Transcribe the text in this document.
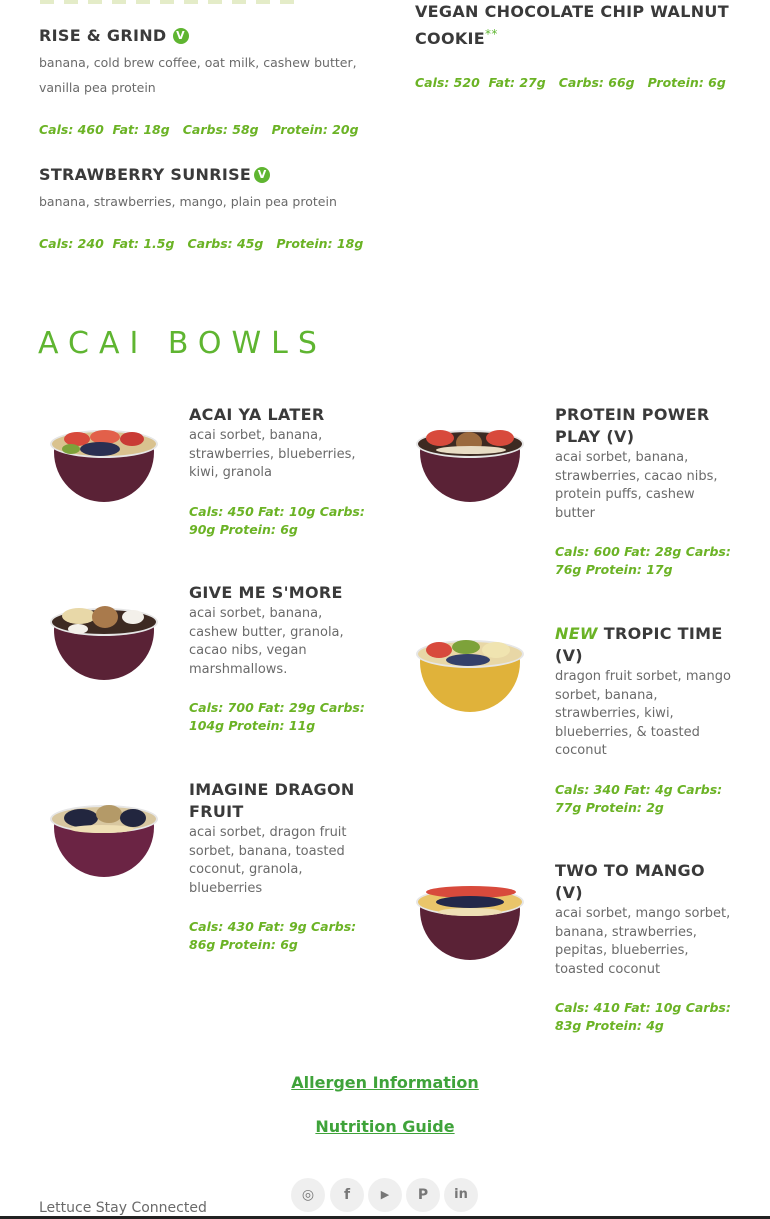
RISE & GRIND V
banana, cold brew coffee, oat milk, cashew butter,
vanilla pea protein
Cals: 460  Fat: 18g   Carbs: 58g   Protein: 20g
STRAWBERRY SUNRISE V
banana, strawberries, mango, plain pea protein
Cals: 240  Fat: 1.5g   Carbs: 45g   Protein: 18g
VEGAN CHOCOLATE CHIP WALNUT
COOKIE**
Cals: 520  Fat: 27g   Carbs: 66g   Protein: 6g
ACAI BOWLS
ACAI YA LATER
acai sorbet, banana, strawberries, blueberries, kiwi, granola
Cals: 450 Fat: 10g Carbs: 90g Protein: 6g
PROTEIN POWER PLAY (V)
acai sorbet, banana, strawberries, cacao nibs, protein puffs, cashew butter
Cals: 600 Fat: 28g Carbs: 76g Protein: 17g
GIVE ME S'MORE
acai sorbet, banana, cashew butter, granola, cacao nibs, vegan marshmallows.
Cals: 700 Fat: 29g Carbs: 104g Protein: 11g
NEW TROPIC TIME (V)
dragon fruit sorbet, mango sorbet, banana, strawberries, kiwi, blueberries, & toasted coconut
Cals: 340 Fat: 4g Carbs: 77g Protein: 2g
IMAGINE DRAGON FRUIT
acai sorbet, dragon fruit sorbet, banana, toasted coconut, granola, blueberries
Cals: 430 Fat: 9g Carbs: 86g Protein: 6g
TWO TO MANGO (V)
acai sorbet, mango sorbet, banana, strawberries, pepitas, blueberries, toasted coconut
Cals: 410 Fat: 10g Carbs: 83g Protein: 4g
Allergen Information
Nutrition Guide
Lettuce Stay Connected
◎	f	▶	P	in
